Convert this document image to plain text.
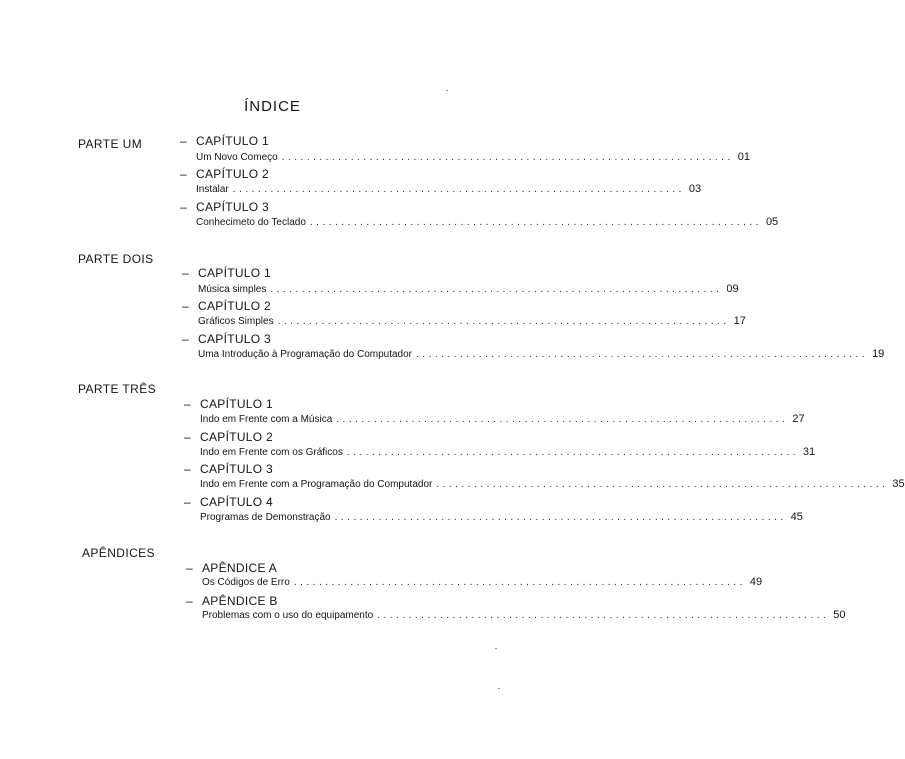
ÍNDICE
PARTE UM	– CAPÍTULO 1
Um Novo Começo ........................................................................ 01
– CAPÍTULO 2
Instalar ........................................................................ 03
– CAPÍTULO 3
Conhecimeto do Teclado ........................................................................ 05
PARTE DOIS
– CAPÍTULO 1
Música simples ........................................................................ 09
– CAPÍTULO 2
Gráficos Simples ........................................................................ 17
– CAPÍTULO 3
Uma Introdução à Programação do Computador ........................................................................ 19
PARTE TRÊS
– CAPÍTULO 1
Indo em Frente com a Música ........................................................................ 27
– CAPÍTULO 2
Indo em Frente com os Gráficos ........................................................................ 31
– CAPÍTULO 3
Indo em Frente com a Programação do Computador ........................................................................ 35
– CAPÍTULO 4
Programas de Demonstração ........................................................................ 45
APÊNDICES
– APÊNDICE A
Os Códigos de Erro ........................................................................ 49
– APÊNDICE B
Problemas com o uso do equipamento ........................................................................ 50
